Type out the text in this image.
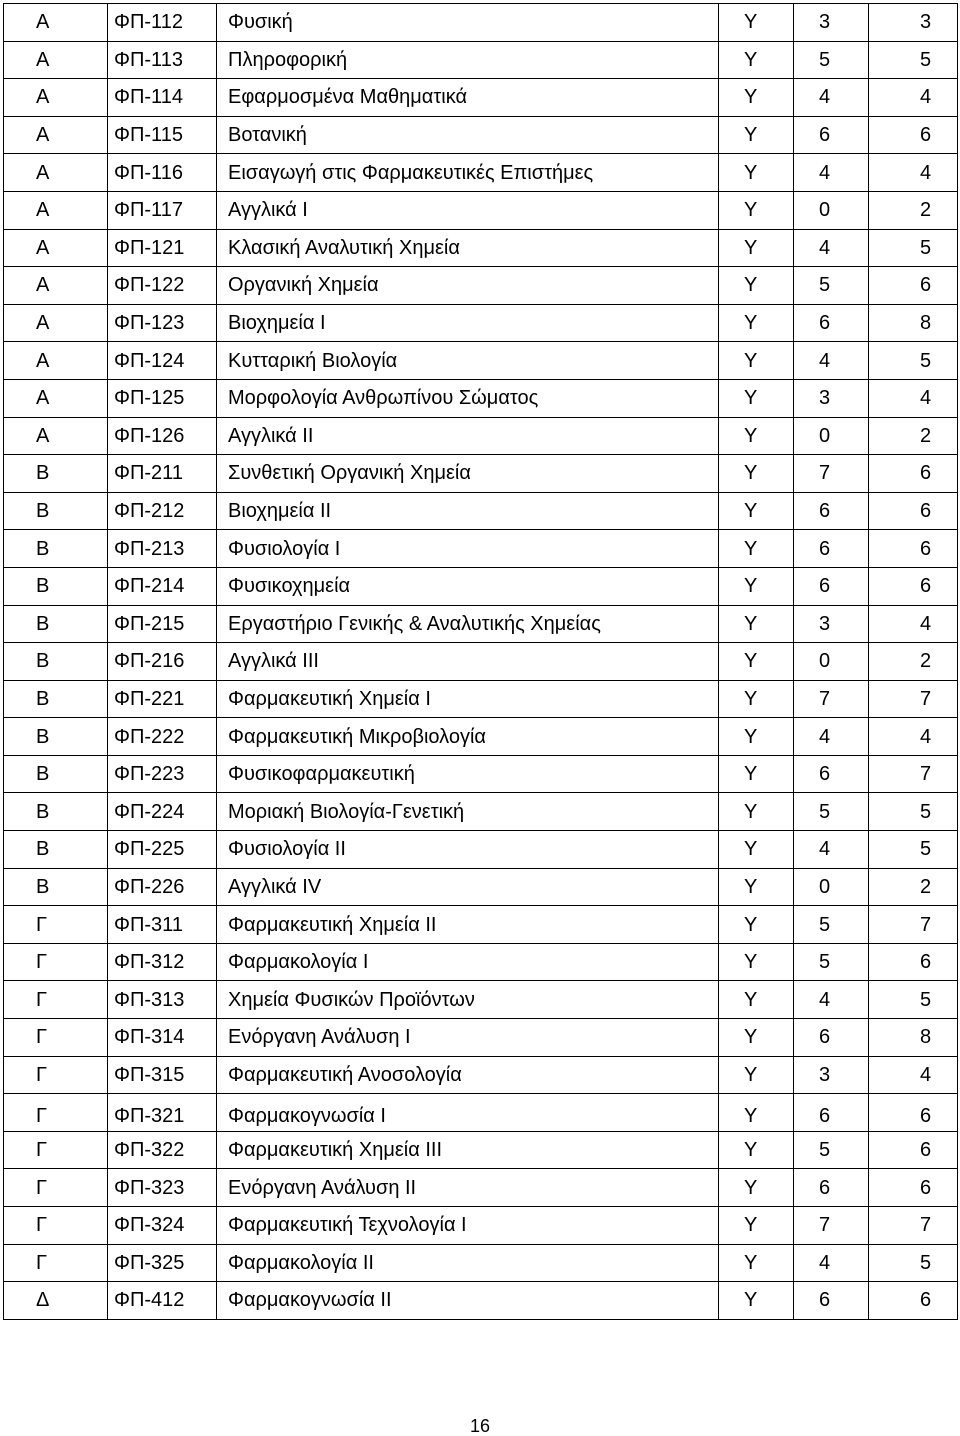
Α	ΦΠ-112	Φυσική	Υ	3	3
Α	ΦΠ-113	Πληροφορική	Υ	5	5
Α	ΦΠ-114	Εφαρμοσμένα Μαθηματικά	Υ	4	4
Α	ΦΠ-115	Βοτανική	Υ	6	6
Α	ΦΠ-116	Εισαγωγή στις Φαρμακευτικές Επιστήμες	Υ	4	4
Α	ΦΠ-117	Αγγλικά Ι	Υ	0	2
Α	ΦΠ-121	Κλασική Αναλυτική Χημεία	Υ	4	5
Α	ΦΠ-122	Οργανική Χημεία	Υ	5	6
Α	ΦΠ-123	Βιοχημεία Ι	Υ	6	8
Α	ΦΠ-124	Κυτταρική Βιολογία	Υ	4	5
Α	ΦΠ-125	Μορφολογία Ανθρωπίνου Σώματος	Υ	3	4
Α	ΦΠ-126	Αγγλικά ΙΙ	Υ	0	2
Β	ΦΠ-211	Συνθετική Οργανική Χημεία	Υ	7	6
Β	ΦΠ-212	Βιοχημεία ΙΙ	Υ	6	6
Β	ΦΠ-213	Φυσιολογία Ι	Υ	6	6
Β	ΦΠ-214	Φυσικοχημεία	Υ	6	6
Β	ΦΠ-215	Εργαστήριο Γενικής & Αναλυτικής Χημείας	Υ	3	4
Β	ΦΠ-216	Αγγλικά ΙΙΙ	Υ	0	2
Β	ΦΠ-221	Φαρμακευτική Χημεία Ι	Υ	7	7
Β	ΦΠ-222	Φαρμακευτική Μικροβιολογία	Υ	4	4
Β	ΦΠ-223	Φυσικοφαρμακευτική	Υ	6	7
Β	ΦΠ-224	Μοριακή Βιολογία-Γενετική	Υ	5	5
Β	ΦΠ-225	Φυσιολογία ΙΙ	Υ	4	5
Β	ΦΠ-226	Αγγλικά ΙV	Υ	0	2
Γ	ΦΠ-311	Φαρμακευτική Χημεία ΙΙ	Υ	5	7
Γ	ΦΠ-312	Φαρμακολογία Ι	Υ	5	6
Γ	ΦΠ-313	Χημεία Φυσικών Προϊόντων	Υ	4	5
Γ	ΦΠ-314	Ενόργανη Ανάλυση Ι	Υ	6	8
Γ	ΦΠ-315	Φαρμακευτική Ανοσολογία	Υ	3	4
Γ	ΦΠ-321	Φαρμακογνωσία Ι	Υ	6	6
Γ	ΦΠ-322	Φαρμακευτική Χημεία ΙΙΙ	Υ	5	6
Γ	ΦΠ-323	Ενόργανη Ανάλυση ΙΙ	Υ	6	6
Γ	ΦΠ-324	Φαρμακευτική Τεχνολογία Ι	Υ	7	7
Γ	ΦΠ-325	Φαρμακολογία ΙΙ	Υ	4	5
Δ	ΦΠ-412	Φαρμακογνωσία ΙΙ	Υ	6	6
16
